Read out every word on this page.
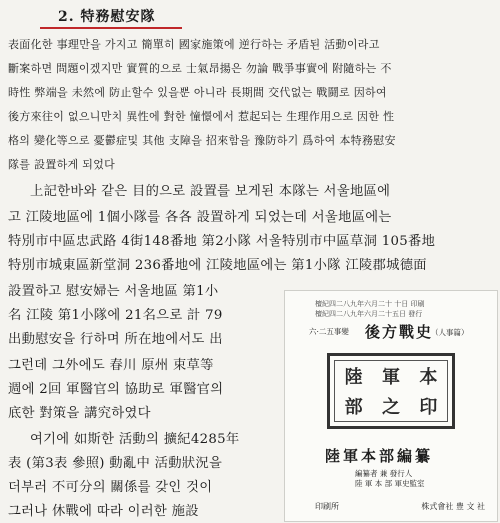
2. 特務慰安隊
表面化한 事理만을 가지고 簡單히 國家施策에 逆行하는 矛盾된 活動이라고
斷案하면 問題이겠지만 實質的으로 士氣昂揚은 勿論 戰爭事實에 附隨하는 不
時性 弊端을 未然에 防止할수 있을뿐 아니라 長期間 交代없는 戰鬪로 因하여
後方來往이 없으니만치 異性에 對한 憧憬에서 惹起되는 生理作用으로 因한 性
格의 變化等으로 憂鬱症및 其他 支障을 招來함을 豫防하기 爲하여 本特務慰安
隊를 設置하게 되었다
上記한바와 같은 目的으로 設置를 보게된 本隊는 서울地區에
고 江陵地區에 1個小隊를 各各 設置하게 되었는데 서울地區에는
特別市中區忠武路 4街148番地 第2小隊 서울特別市中區草洞 105番地
特別市城東區新堂洞 236番地에 江陵地區에는 第1小隊 江陵郡城德面
設置하고 慰安婦는 서울地區 第1小
名 江陵 第1小隊에 21名으로 計 79
出動慰安을 行하며 所在地에서도 出
그런데 그外에도 春川 原州 束草等
週에 2回 軍醫官의 協助로 軍醫官의
底한 對策을 講究하였다
여기에 如斯한 活動의 擴紀4285年
表 (第3表 參照) 動亂中 活動狀況을
더부러 不可分의 關係를 갖인 것이
그러나 休戰에 따라 이러한 施設
檀紀四二八九年六月二十 十日 印刷
檀紀四二八九年六月二十五日 發行
六·二五事變	後方戰史
（人事篇）
陸	軍	本
部	之	印
陸軍本部編纂
編纂者 兼 發行人
陸 軍 本 部 軍史監室
印刷所	株式會社 豊 文 社
